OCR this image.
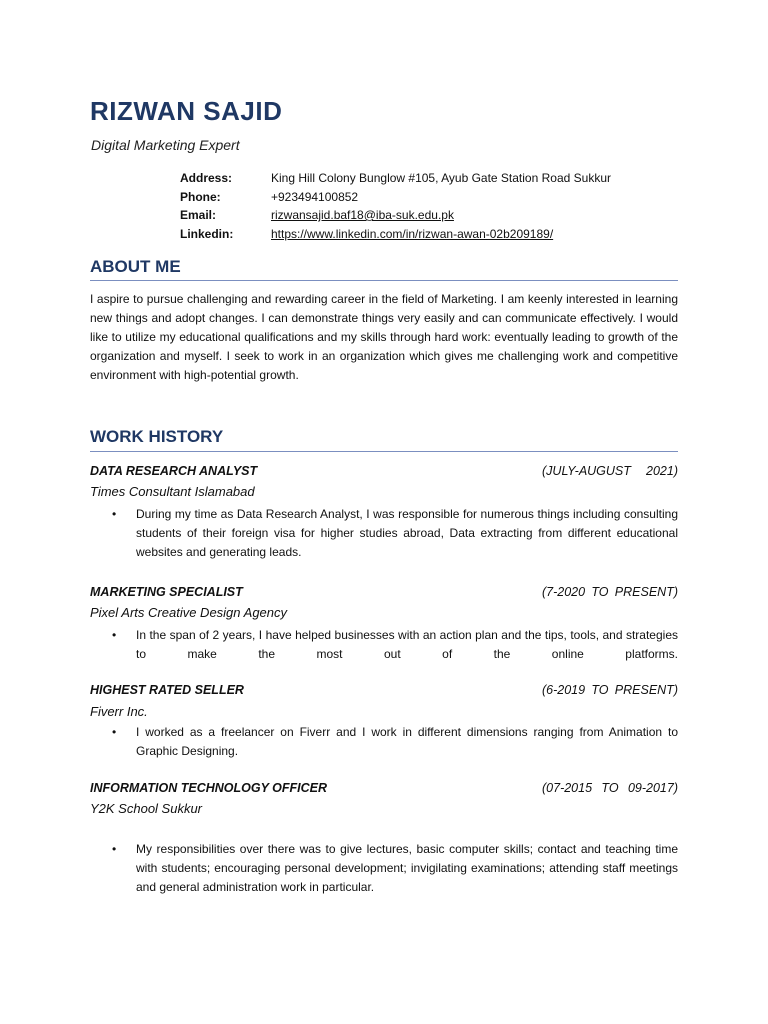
RIZWAN SAJID
Digital Marketing Expert
Address:	King Hill Colony Bunglow #105, Ayub Gate Station Road Sukkur
Phone:	+923494100852
Email:	rizwansajid.baf18@iba-suk.edu.pk
Linkedin:	https://www.linkedin.com/in/rizwan-awan-02b209189/
ABOUT ME
I aspire to pursue challenging and rewarding career in the field of Marketing. I am keenly interested in learning new things and adopt changes. I can demonstrate things very easily and can communicate effectively. I would like to utilize my educational qualifications and my skills through hard work: eventually leading to growth of the organization and myself. I seek to work in an organization which gives me challenging work and competitive environment with high-potential growth.
WORK HISTORY
DATA RESEARCH ANALYST	(JULY-AUGUST 2021)
Times Consultant Islamabad
•	During my time as Data Research Analyst, I was responsible for numerous things including consulting students of their foreign visa for higher studies abroad, Data extracting from different educational websites and generating leads.
MARKETING SPECIALIST	(7-2020 TO PRESENT)
Pixel Arts Creative Design Agency
•	In the span of 2 years, I have helped businesses with an action plan and the tips, tools, and strategies to make the most out of the online platforms.
HIGHEST RATED SELLER	(6-2019 TO PRESENT)
Fiverr Inc.
•	I worked as a freelancer on Fiverr and I work in different dimensions ranging from Animation to Graphic Designing.
INFORMATION TECHNOLOGY OFFICER	(07-2015 TO 09-2017)
Y2K School Sukkur
•	My responsibilities over there was to give lectures, basic computer skills; contact and teaching time with students; encouraging personal development; invigilating examinations; attending staff meetings and general administration work in particular.
